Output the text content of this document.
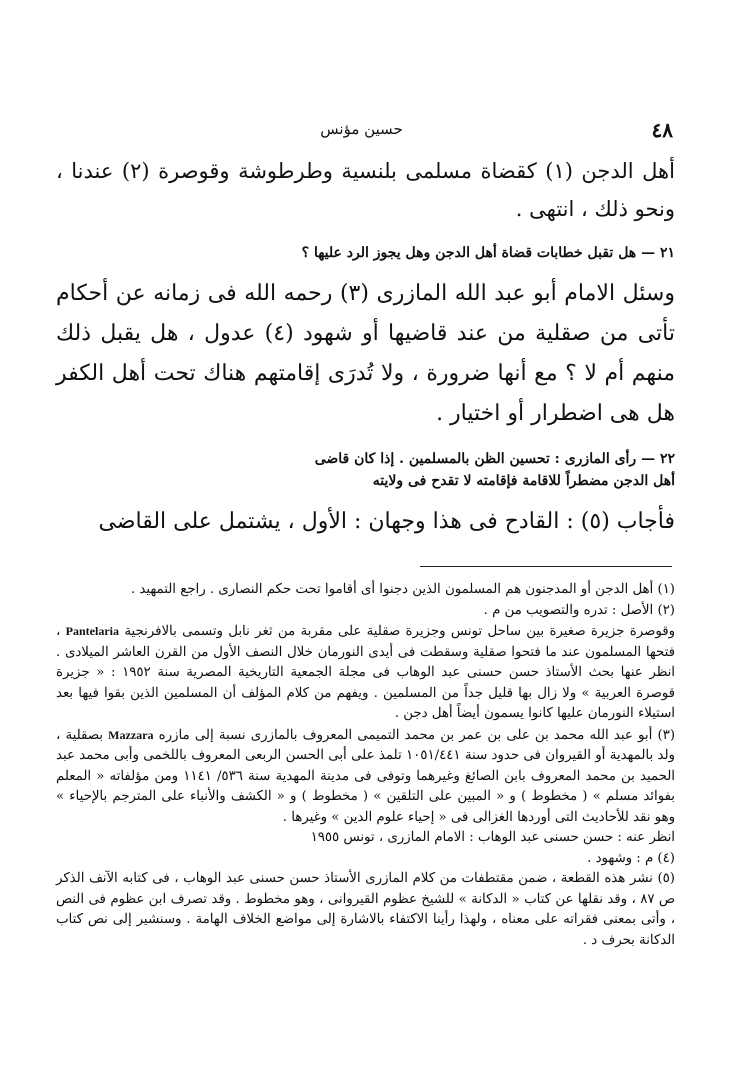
٤٨
حسين مؤنس

أهل الدجن (١) كقضاة مسلمى بلنسية وطرطوشة وقوصرة (٢) عندنا ، ونحو ذلك ، انتهى .

٢١ — هل تقبل خطابات قضاة أهل الدجن وهل يجوز الرد عليها ؟

وسئل الامام أبو عبد الله المازرى (٣) رحمه الله فى زمانه عن أحكام تأتى من صقلية من عند قاضيها أو شهود (٤) عدول ، هل يقبل ذلك منهم أم لا ؟ مع أنها ضرورة ، ولا تُدرَى إقامتهم هناك تحت أهل الكفر هل هى اضطرار أو اختيار .

٢٢ — رأى المازرى : تحسين الظن بالمسلمين . إذا كان قاضى
أهل الدجن مضطراً للاقامة فإقامته لا تقدح فى ولايته

فأجاب (٥) : القادح فى هذا وجهان : الأول ، يشتمل على القاضى

(١) أهل الدجن أو المدجنون هم المسلمون الذين دجنوا أى أقاموا تحت حكم النصارى . راجع التمهيد .

(٢) الأصل : تدره والتصويب من م .

وقوصرة جزيرة صغيرة بين ساحل تونس وجزيرة صقلية على مقربة من ثغر نابل وتسمى بالافرنجية Pantelaria ، فتحها المسلمون عند ما فتحوا صقلية وسقطت فى أيدى النورمان خلال النصف الأول من القرن العاشر الميلادى . انظر عنها بحث الأستاذ حسن حسنى عبد الوهاب فى مجلة الجمعية التاريخية المصرية سنة ١٩٥٢ : « جزيرة قوصرة العربية » ولا زال بها قليل جداً من المسلمين . ويفهم من كلام المؤلف أن المسلمين الذين بقوا فيها بعد استيلاء النورمان عليها كانوا يسمون أيضاً أهل دجن .

(٣) أبو عبد الله محمد بن على بن عمر بن محمد التميمى المعروف بالمازرى نسبة إلى مازره Mazzara بصقلية ، ولد بالمهدية أو القيروان فى حدود سنة ١٠٥١/٤٤١ تلمذ على أبى الحسن الربعى المعروف باللخمى وأبى محمد عبد الحميد بن محمد المعروف بابن الصائغ وغيرهما وتوفى فى مدينة المهدية سنة ٥٣٦/ ١١٤١ ومن مؤلفاته « المعلم بفوائد مسلم » ( مخطوط ) و « المبين على التلقين » ( مخطوط ) و « الكشف والأنباء على المترجم بالإحياء » وهو نقد للأحاديث التى أوردها الغزالى فى « إحياء علوم الدين » وغيرها .

انظر عنه : حسن حسنى عبد الوهاب : الامام المازرى ، تونس ١٩٥٥

(٤) م : وشهود .

(٥) نشر هذه القطعة ، ضمن مقتطفات من كلام المازرى الأستاذ حسن حسنى عبد الوهاب ، فى كتابه الآنف الذكر ص ٨٧ ، وقد نقلها عن كتاب « الدكانة » للشيخ عظوم القيروانى ، وهو مخطوط . وقد تصرف ابن عظوم فى النص ، وأتى بمعنى فقراته على معناه ، ولهذا رأينا الاكتفاء بالاشارة إلى مواضع الخلاف الهامة . وسنشير إلى نص كتاب الدكانة بحرف د .
